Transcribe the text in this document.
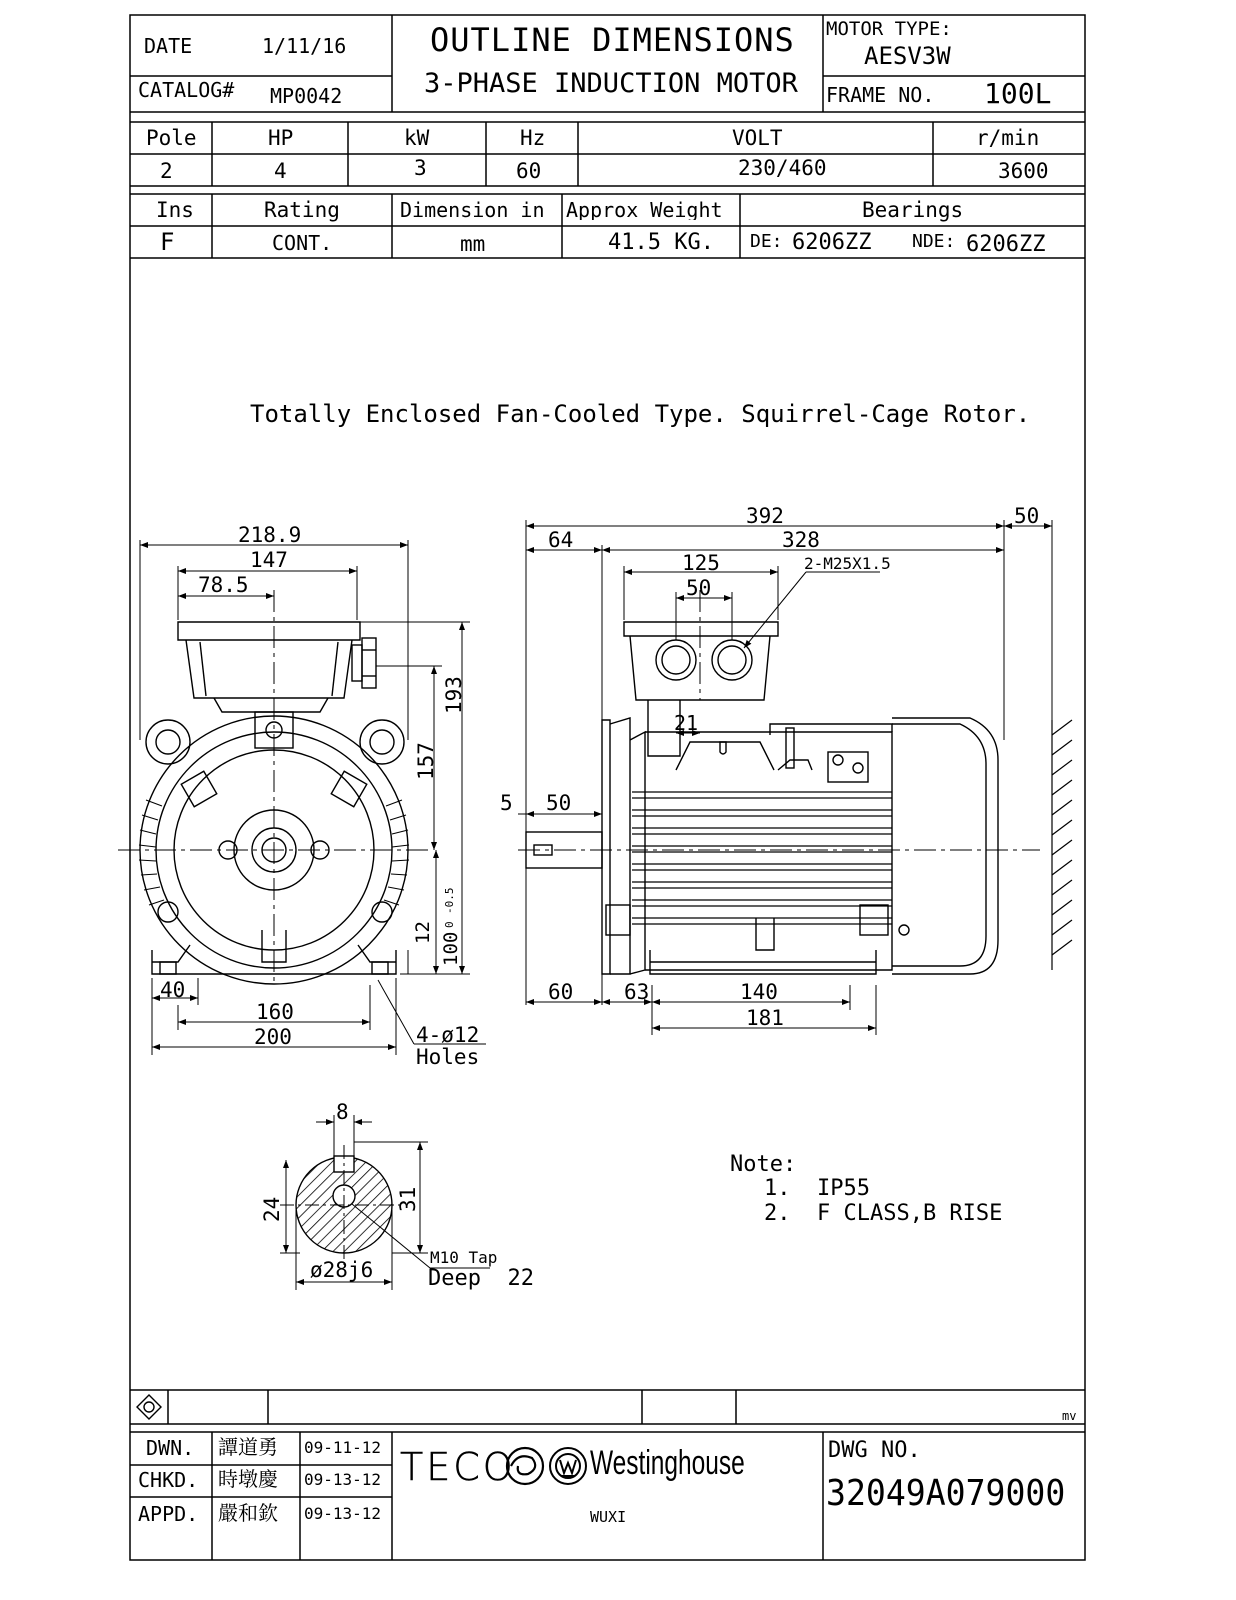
DATE	1/11/16
CATALOG# MP0042
OUTLINE DIMENSIONS
3-PHASE INDUCTION MOTOR
MOTOR TYPE:
AESV3W
FRAME NO. 100L
Pole	HP	kW	Hz	VOLT	r/min
2	4	3	60	230/460	3600
Ins	Rating	Dimension in	Approx Weight	Bearings
F	CONT.	mm	41.5 KG. DE: 6206ZZ NDE: 6206ZZ
Totally Enclosed Fan-Cooled Type. Squirrel-Cage Rotor.
218.9
147
78.5
193
157
100
0
-0.5
12
40
160
200	4-ø12
Holes
392	50
64	328
125
50
2-M25X1.5
21
5 50
60 63	140
181
8
24	31
ø28j6
M10 Tap
Deep  22
Note:
1.  IP55
2.  F CLASS,B RISE
mv
DWN. 譚道勇 09-11-12
CHKD. 時墩慶 09-13-12
APPD. 嚴和欽 09-13-12
TECO Westinghouse
WUXI
DWG NO.
32049A079000
